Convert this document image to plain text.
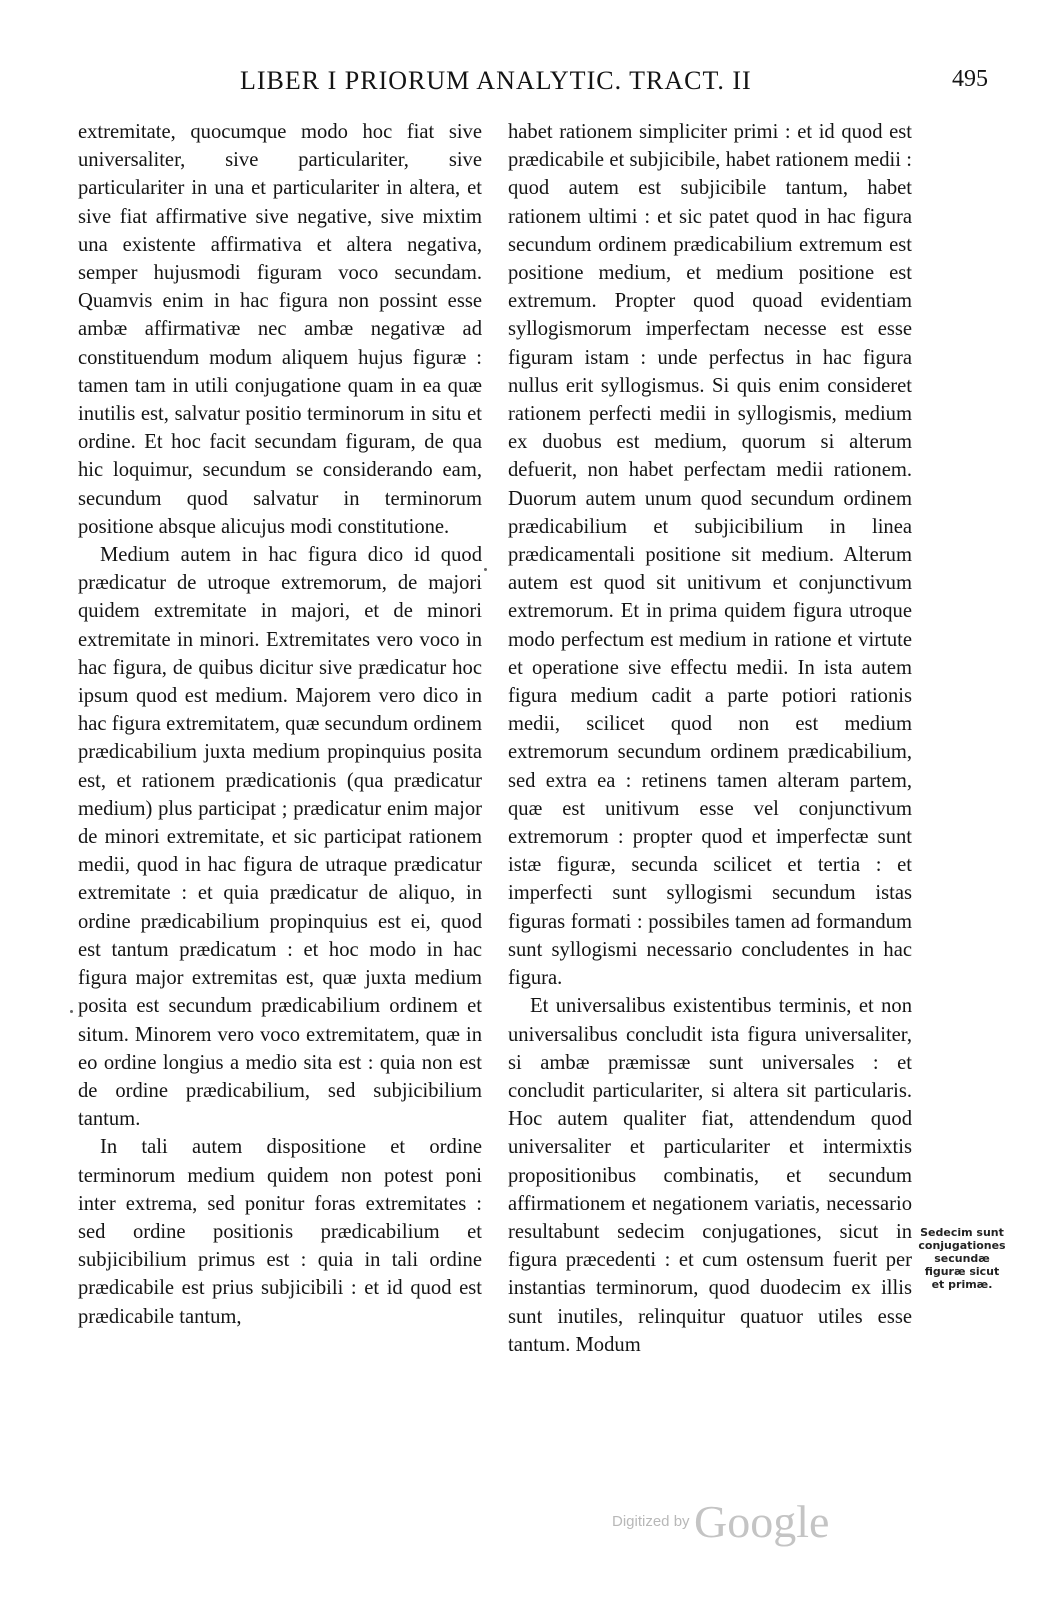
LIBER I PRIORUM ANALYTIC. TRACT. II	495

extremitate, quocumque modo hoc fiat sive universaliter, sive particulariter, sive particulariter in una et particulariter in altera, et sive fiat affirmative sive negative, sive mixtim una existente affirmativa et altera negativa, semper hujusmodi figuram voco secundam. Quamvis enim in hac figura non possint esse ambæ affirmativæ nec ambæ negativæ ad constituendum modum aliquem hujus figuræ : tamen tam in utili conjugatione quam in ea quæ inutilis est, salvatur positio terminorum in situ et ordine. Et hoc facit secundam figuram, de qua hic loquimur, secundum se considerando eam, secundum quod salvatur in terminorum positione absque alicujus modi constitutione.

Medium autem in hac figura dico id quod prædicatur de utroque extremorum, de majori quidem extremitate in majori, et de minori extremitate in minori. Extremitates vero voco in hac figura, de quibus dicitur sive prædicatur hoc ipsum quod est medium. Majorem vero dico in hac figura extremitatem, quæ secundum ordinem prædicabilium juxta medium propinquius posita est, et rationem prædicationis (qua prædicatur medium) plus participat ; prædicatur enim major de minori extremitate, et sic participat rationem medii, quod in hac figura de utraque prædicatur extremitate : et quia prædicatur de aliquo, in ordine prædicabilium propinquius est ei, quod est tantum prædicatum : et hoc modo in hac figura major extremitas est, quæ juxta medium posita est secundum prædicabilium ordinem et situm. Minorem vero voco extremitatem, quæ in eo ordine longius a medio sita est : quia non est de ordine prædicabilium, sed subjicibilium tantum.

In tali autem dispositione et ordine terminorum medium quidem non potest poni inter extrema, sed ponitur foras extremitates : sed ordine positionis prædicabilium et subjicibilium primus est : quia in tali ordine prædicabile est prius subjicibili : et id quod est prædicabile tantum,

habet rationem simpliciter primi : et id quod est prædicabile et subjicibile, habet rationem medii : quod autem est subjicibile tantum, habet rationem ultimi : et sic patet quod in hac figura secundum ordinem prædicabilium extremum est positione medium, et medium positione est extremum. Propter quod quoad evidentiam syllogismorum imperfectam necesse est esse figuram istam : unde perfectus in hac figura nullus erit syllogismus. Si quis enim consideret rationem perfecti medii in syllogismis, medium ex duobus est medium, quorum si alterum defuerit, non habet perfectam medii rationem. Duorum autem unum quod secundum ordinem prædicabilium et subjicibilium in linea prædicamentali positione sit medium. Alterum autem est quod sit unitivum et conjunctivum extremorum. Et in prima quidem figura utroque modo perfectum est medium in ratione et virtute et operatione sive effectu medii. In ista autem figura medium cadit a parte potiori rationis medii, scilicet quod non est medium extremorum secundum ordinem prædicabilium, sed extra ea : retinens tamen alteram partem, quæ est unitivum esse vel conjunctivum extremorum : propter quod et imperfectæ sunt istæ figuræ, secunda scilicet et tertia : et imperfecti sunt syllogismi secundum istas figuras formati : possibiles tamen ad formandum sunt syllogismi necessario concludentes in hac figura.

Et universalibus existentibus terminis, et non universalibus concludit ista figura universaliter, si ambæ præmissæ sunt universales : et concludit particulariter, si altera sit particularis. Hoc autem qualiter fiat, attendendum quod universaliter et particulariter et intermixtis propositionibus combinatis, et secundum affirmationem et negationem variatis, necessario resultabunt sedecim conjugationes, sicut in figura præcedenti : et cum ostensum fuerit per instantias terminorum, quod duodecim ex illis sunt inutiles, relinquitur quatuor utiles esse tantum. Modum

Sedecim sunt conjugationes secundæ figuræ sicut et primæ.
Digitized by Google
